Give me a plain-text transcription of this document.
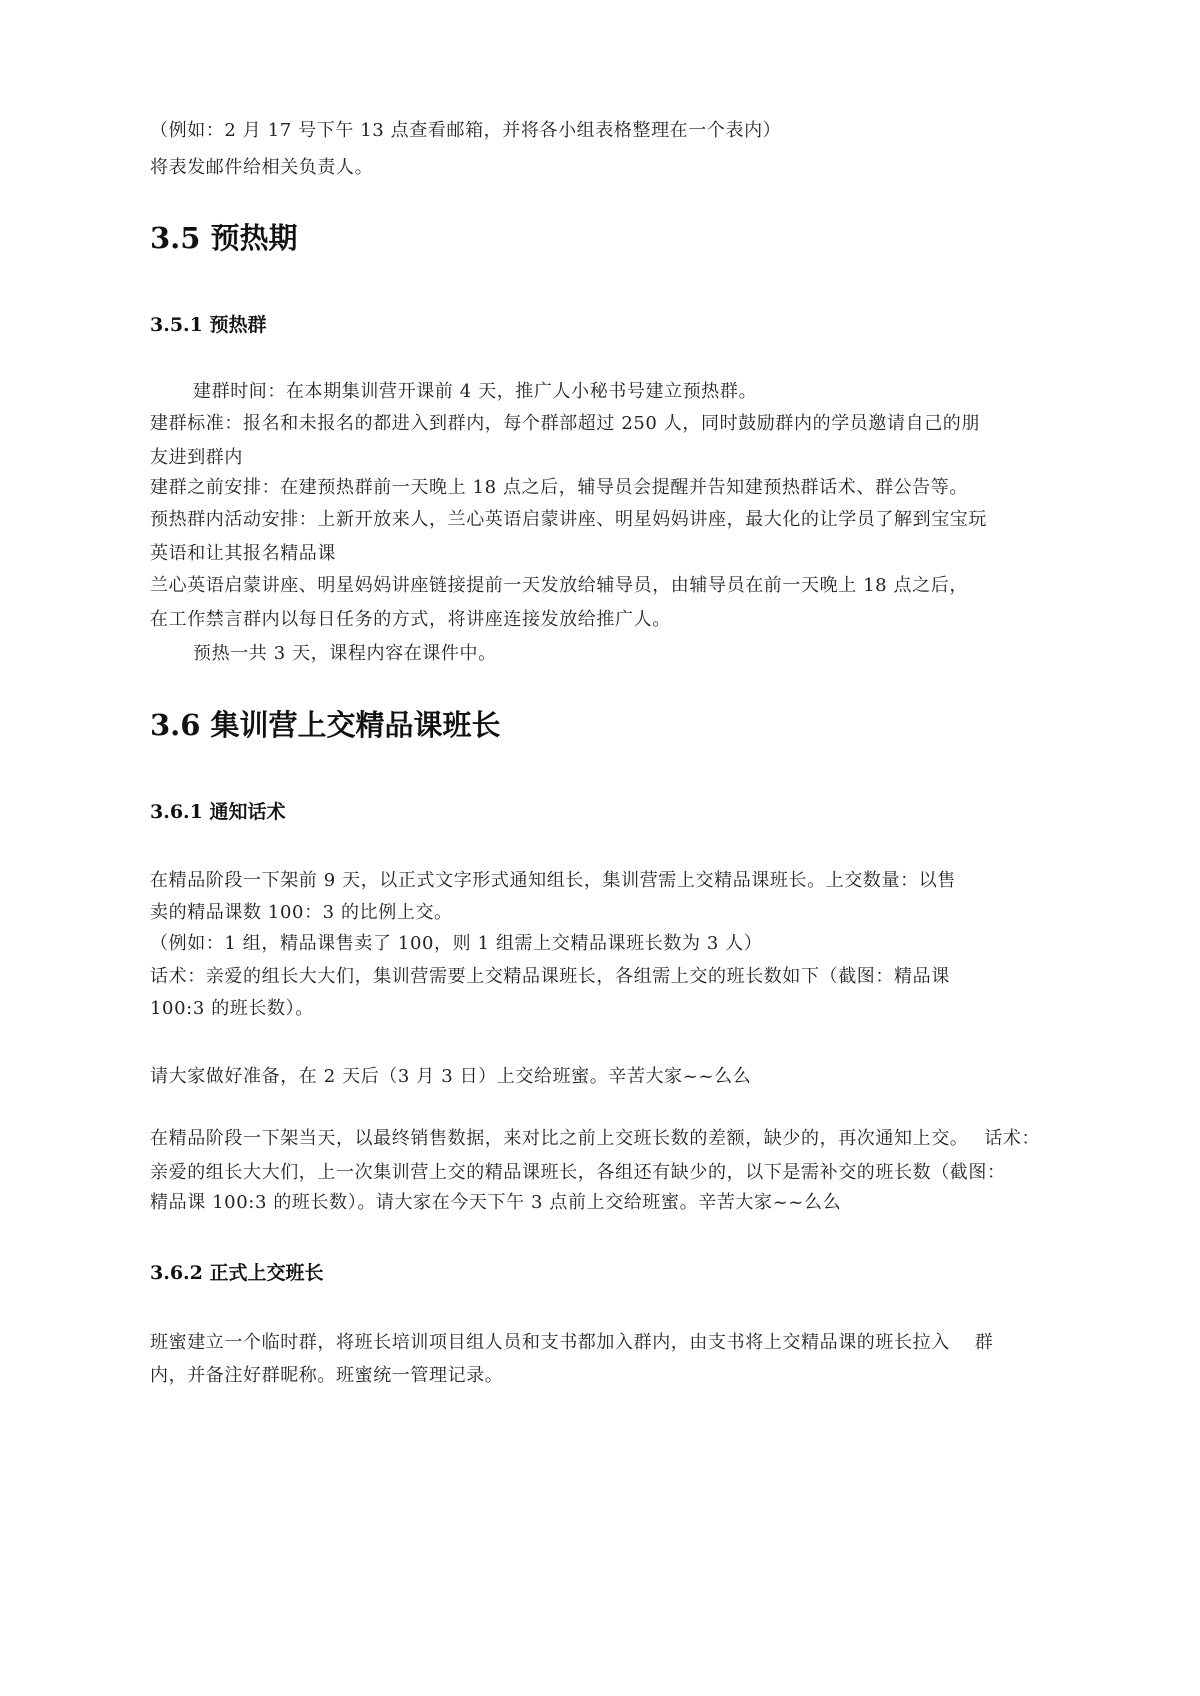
（例如：2 月 17 号下午 13 点查看邮箱，并将各小组表格整理在一个表内）
将表发邮件给相关负责人。
3.5 预热期
3.5.1 预热群
建群时间：在本期集训营开课前 4 天，推广人小秘书号建立预热群。
建群标准：报名和未报名的都进入到群内，每个群部超过 250 人，同时鼓励群内的学员邀请自己的朋
友进到群内
建群之前安排：在建预热群前一天晚上 18 点之后，辅导员会提醒并告知建预热群话术、群公告等。
预热群内活动安排：上新开放来人，兰心英语启蒙讲座、明星妈妈讲座，最大化的让学员了解到宝宝玩
英语和让其报名精品课
兰心英语启蒙讲座、明星妈妈讲座链接提前一天发放给辅导员，由辅导员在前一天晚上 18 点之后，
在工作禁言群内以每日任务的方式，将讲座连接发放给推广人。
预热一共 3 天，课程内容在课件中。
3.6 集训营上交精品课班长
3.6.1 通知话术
在精品阶段一下架前 9 天，以正式文字形式通知组长，集训营需上交精品课班长。上交数量：以售
卖的精品课数 100：3 的比例上交。
（例如：1 组，精品课售卖了 100，则 1 组需上交精品课班长数为 3 人）
话术：亲爱的组长大大们，集训营需要上交精品课班长，各组需上交的班长数如下（截图：精品课
100:3 的班长数）。
请大家做好准备，在 2 天后（3 月 3 日）上交给班蜜。辛苦大家~~么么
在精品阶段一下架当天，以最终销售数据，来对比之前上交班长数的差额，缺少的，再次通知上交。　 话术：
亲爱的组长大大们，上一次集训营上交的精品课班长，各组还有缺少的，以下是需补交的班长数（截图：
精品课 100:3 的班长数）。请大家在今天下午 3 点前上交给班蜜。辛苦大家~~么么
3.6.2 正式上交班长
班蜜建立一个临时群，将班长培训项目组人员和支书都加入群内，由支书将上交精品课的班长拉入　 群
内，并备注好群昵称。班蜜统一管理记录。
